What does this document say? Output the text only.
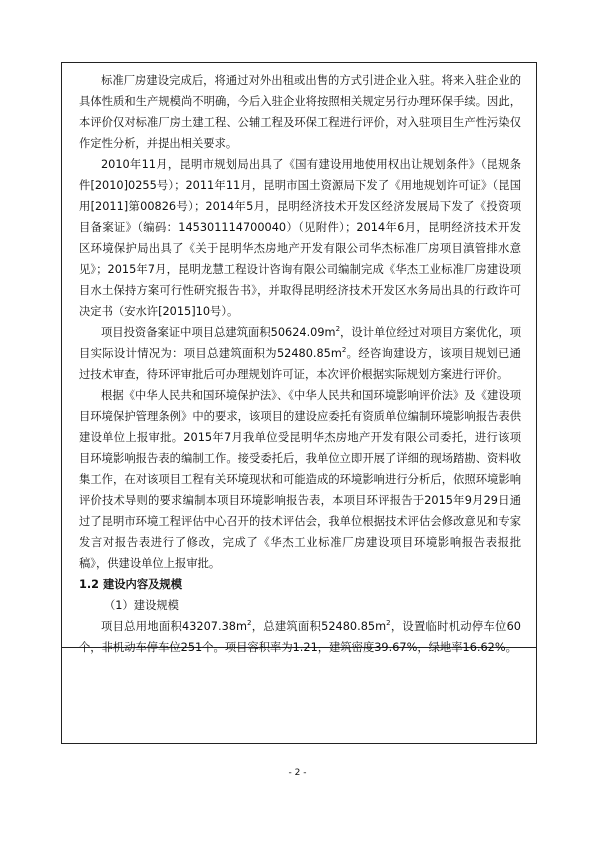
标准厂房建设完成后，将通过对外出租或出售的方式引进企业入驻。将来入驻企业的具体性质和生产规模尚不明确，今后入驻企业将按照相关规定另行办理环保手续。因此，本评价仅对标准厂房土建工程、公辅工程及环保工程进行评价，对入驻项目生产性污染仅作定性分析，并提出相关要求。

2010年11月，昆明市规划局出具了《国有建设用地使用权出让规划条件》（昆规条件[2010]0255号）；2011年11月，昆明市国土资源局下发了《用地规划许可证》（昆国用[2011]第00826号）；2014年5月，昆明经济技术开发区经济发展局下发了《投资项目备案证》（编码：145301114700040）（见附件）；2014年6月，昆明经济技术开发区环境保护局出具了《关于昆明华杰房地产开发有限公司华杰标准厂房项目滇管排水意见》；2015年7月，昆明龙慧工程设计咨询有限公司编制完成《华杰工业标准厂房建设项目水土保持方案可行性研究报告书》，并取得昆明经济技术开发区水务局出具的行政许可决定书（安水许[2015]10号）。

项目投资备案证中项目总建筑面积$50624.09m^2$，设计单位经过对项目方案优化，项目实际设计情况为：项目总建筑面积为$52480.85m^2$。经咨询建设方，该项目规划已通过技术审查，待环评审批后可办理规划许可证，本次评价根据实际规划方案进行评价。

根据《中华人民共和国环境保护法》、《中华人民共和国环境影响评价法》及《建设项目环境保护管理条例》中的要求，该项目的建设应委托有资质单位编制环境影响报告表供建设单位上报审批。2015年7月我单位受昆明华杰房地产开发有限公司委托，进行该项目环境影响报告表的编制工作。接受委托后，我单位立即开展了详细的现场踏勘、资料收集工作，在对该项目工程有关环境现状和可能造成的环境影响进行分析后，依照环境影响评价技术导则的要求编制本项目环境影响报告表，本项目环评报告于2015年9月29日通过了昆明市环境工程评估中心召开的技术评估会，我单位根据技术评估会修改意见和专家发言对报告表进行了修改，完成了《华杰工业标准厂房建设项目环境影响报告表报批稿》，供建设单位上报审批。

1.2 建设内容及规模

（1）建设规模

项目总用地面积$43207.38m^2$，总建筑面积$52480.85m^2$，设置临时机动停车位60个，非机动车停车位251个。项目容积率为1.21，建筑密度39.67%，绿地率16.62%。

- 2 -
